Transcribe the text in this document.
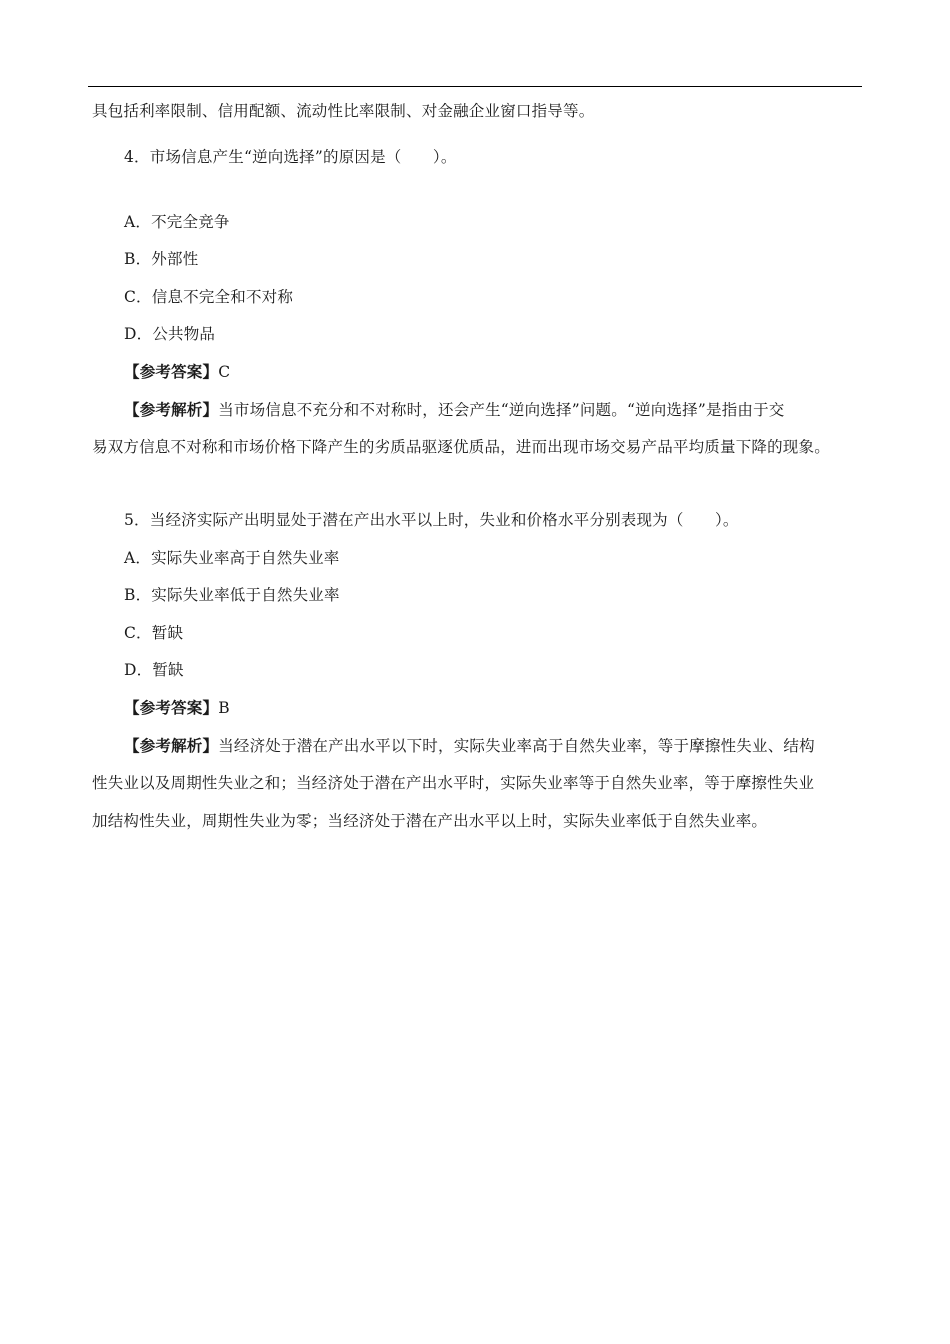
具包括利率限制、信用配额、流动性比率限制、对金融企业窗口指导等。
4．市场信息产生“逆向选择”的原因是（　　）。
A．不完全竞争
B．外部性
C．信息不完全和不对称
D．公共物品
【参考答案】C
【参考解析】当市场信息不充分和不对称时，还会产生“逆向选择”问题。“逆向选择”是指由于交
易双方信息不对称和市场价格下降产生的劣质品驱逐优质品，进而出现市场交易产品平均质量下降的现象。
5．当经济实际产出明显处于潜在产出水平以上时，失业和价格水平分别表现为（　　）。
A．实际失业率高于自然失业率
B．实际失业率低于自然失业率
C．暂缺
D．暂缺
【参考答案】B
【参考解析】当经济处于潜在产出水平以下时，实际失业率高于自然失业率，等于摩擦性失业、结构
性失业以及周期性失业之和；当经济处于潜在产出水平时，实际失业率等于自然失业率，等于摩擦性失业
加结构性失业，周期性失业为零；当经济处于潜在产出水平以上时，实际失业率低于自然失业率。
